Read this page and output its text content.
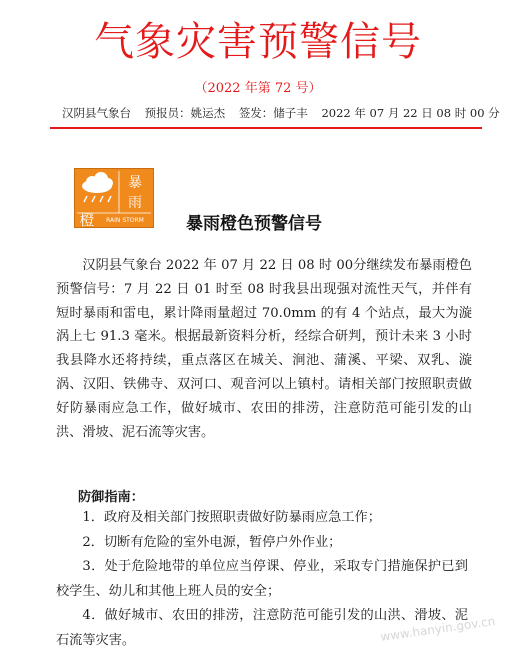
气象灾害预警信号
（2022 年第 72 号）
汉阴县气象台 预报员：姚运杰 签发：储子丰 2022 年 07 月 22 日 08 时 00 分
暴
雨
橙 RAIN STORM 暴雨橙色预警信号

汉阴县气象台 2022 年 07 月 22 日 08 时 00分继续发布暴雨橙色预警信号：7 月 22 日 01 时至 08 时我县出现强对流性天气，并伴有短时暴雨和雷电，累计降雨量超过 70.0mm 的有 4 个站点，最大为漩涡上七 91.3 毫米。根据最新资料分析，经综合研判，预计未来 3 小时我县降水还将持续，重点落区在城关、涧池、蒲溪、平梁、双乳、漩涡、汉阳、铁佛寺、双河口、观音河以上镇村。请相关部门按照职责做好防暴雨应急工作，做好城市、农田的排涝，注意防范可能引发的山洪、滑坡、泥石流等灾害。

防御指南：
1．政府及相关部门按照职责做好防暴雨应急工作；
2．切断有危险的室外电源，暂停户外作业；
3．处于危险地带的单位应当停课、停业，采取专门措施保护已到校学生、幼儿和其他上班人员的安全；
4．做好城市、农田的排涝，注意防范可能引发的山洪、滑坡、泥石流等灾害。	www.hanyin.gov.cn
